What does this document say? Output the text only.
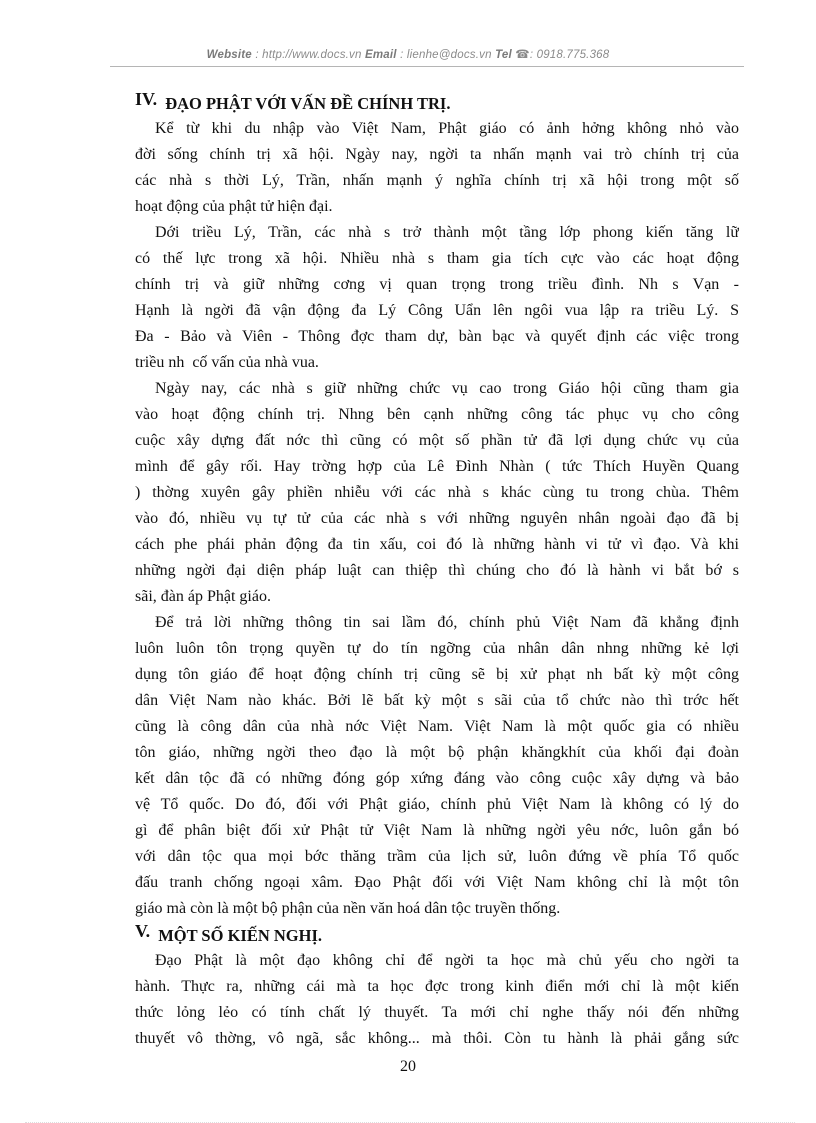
Website : http://www.docs.vn Email : lienhe@docs.vn Tel ☎: 0918.775.368
IV. ĐẠO PHẬT VỚI VẤN ĐỀ CHÍNH TRỊ.
Kể từ khi du nhập vào Việt Nam, Phật giáo có ảnh hởng không nhỏ vào
đời sống chính trị xã hội. Ngày nay, ngời ta nhấn mạnh vai trò chính trị của
các nhà s thời Lý, Trần, nhấn mạnh ý nghĩa chính trị xã hội trong một số
hoạt động của phật tử hiện đại.
Dới triều Lý, Trần, các nhà s trở thành một tầng lớp phong kiến tăng lữ
có thế lực trong xã hội. Nhiều nhà s tham gia tích cực vào các hoạt động
chính trị và giữ những cơng vị quan trọng trong triều đình. Nh s Vạn -
Hạnh là ngời đã vận động đa Lý Công Uẩn lên ngôi vua lập ra triều Lý. S
Đa - Bảo và Viên - Thông đợc tham dự, bàn bạc và quyết định các việc trong
triều nh  cố vấn của nhà vua.
Ngày nay, các nhà s giữ những chức vụ cao trong Giáo hội cũng tham gia
vào hoạt động chính trị. Nhng bên cạnh những công tác phục vụ cho công
cuộc xây dựng đất nớc thì cũng có một số phần tử đã lợi dụng chức vụ của
mình để gây rối. Hay trờng hợp của Lê Đình Nhàn ( tức Thích Huyền Quang
) thờng xuyên gây phiền nhiễu với các nhà s khác cùng tu trong chùa. Thêm
vào đó, nhiều vụ tự tử của các nhà s với những nguyên nhân ngoài đạo đã bị
cách phe phái phản động đa tin xấu, coi đó là những hành vi tử vì đạo. Và khi
những ngời đại diện pháp luật can thiệp thì chúng cho đó là hành vi bắt bớ s
sãi, đàn áp Phật giáo.
Để trả lời những thông tin sai lầm đó, chính phủ Việt Nam đã khẳng định
luôn luôn tôn trọng quyền tự do tín ngỡng của nhân dân nhng những kẻ lợi
dụng tôn giáo để hoạt động chính trị cũng sẽ bị xử phạt nh bất kỳ một công
dân Việt Nam nào khác. Bởi lẽ bất kỳ một s sãi của tổ chức nào thì trớc hết
cũng là công dân của nhà nớc Việt Nam. Việt Nam là một quốc gia có nhiều
tôn giáo, những ngời theo đạo là một bộ phận khăngkhít của khối đại đoàn
kết dân tộc đã có những đóng góp xứng đáng vào công cuộc xây dựng và bảo
vệ Tổ quốc. Do đó, đối với Phật giáo, chính phủ Việt Nam là không có lý do
gì để phân biệt đối xử Phật tử Việt Nam là những ngời yêu nớc, luôn gắn bó
với dân tộc qua mọi bớc thăng trầm của lịch sử, luôn đứng về phía Tổ quốc
đấu tranh chống ngoại xâm. Đạo Phật đối với Việt Nam không chỉ là một tôn
giáo mà còn là một bộ phận của nền văn hoá dân tộc truyền thống.
V. MỘT SỐ KIẾN NGHỊ.
Đạo Phật là một đạo không chỉ để ngời ta học mà chủ yếu cho ngời ta
hành. Thực ra, những cái mà ta học đợc trong kinh điển mới chỉ là một kiến
thức lỏng lẻo có tính chất lý thuyết. Ta mới chỉ nghe thấy nói đến những
thuyết vô thờng, vô ngã, sắc không... mà thôi. Còn tu hành là phải gắng sức
20
